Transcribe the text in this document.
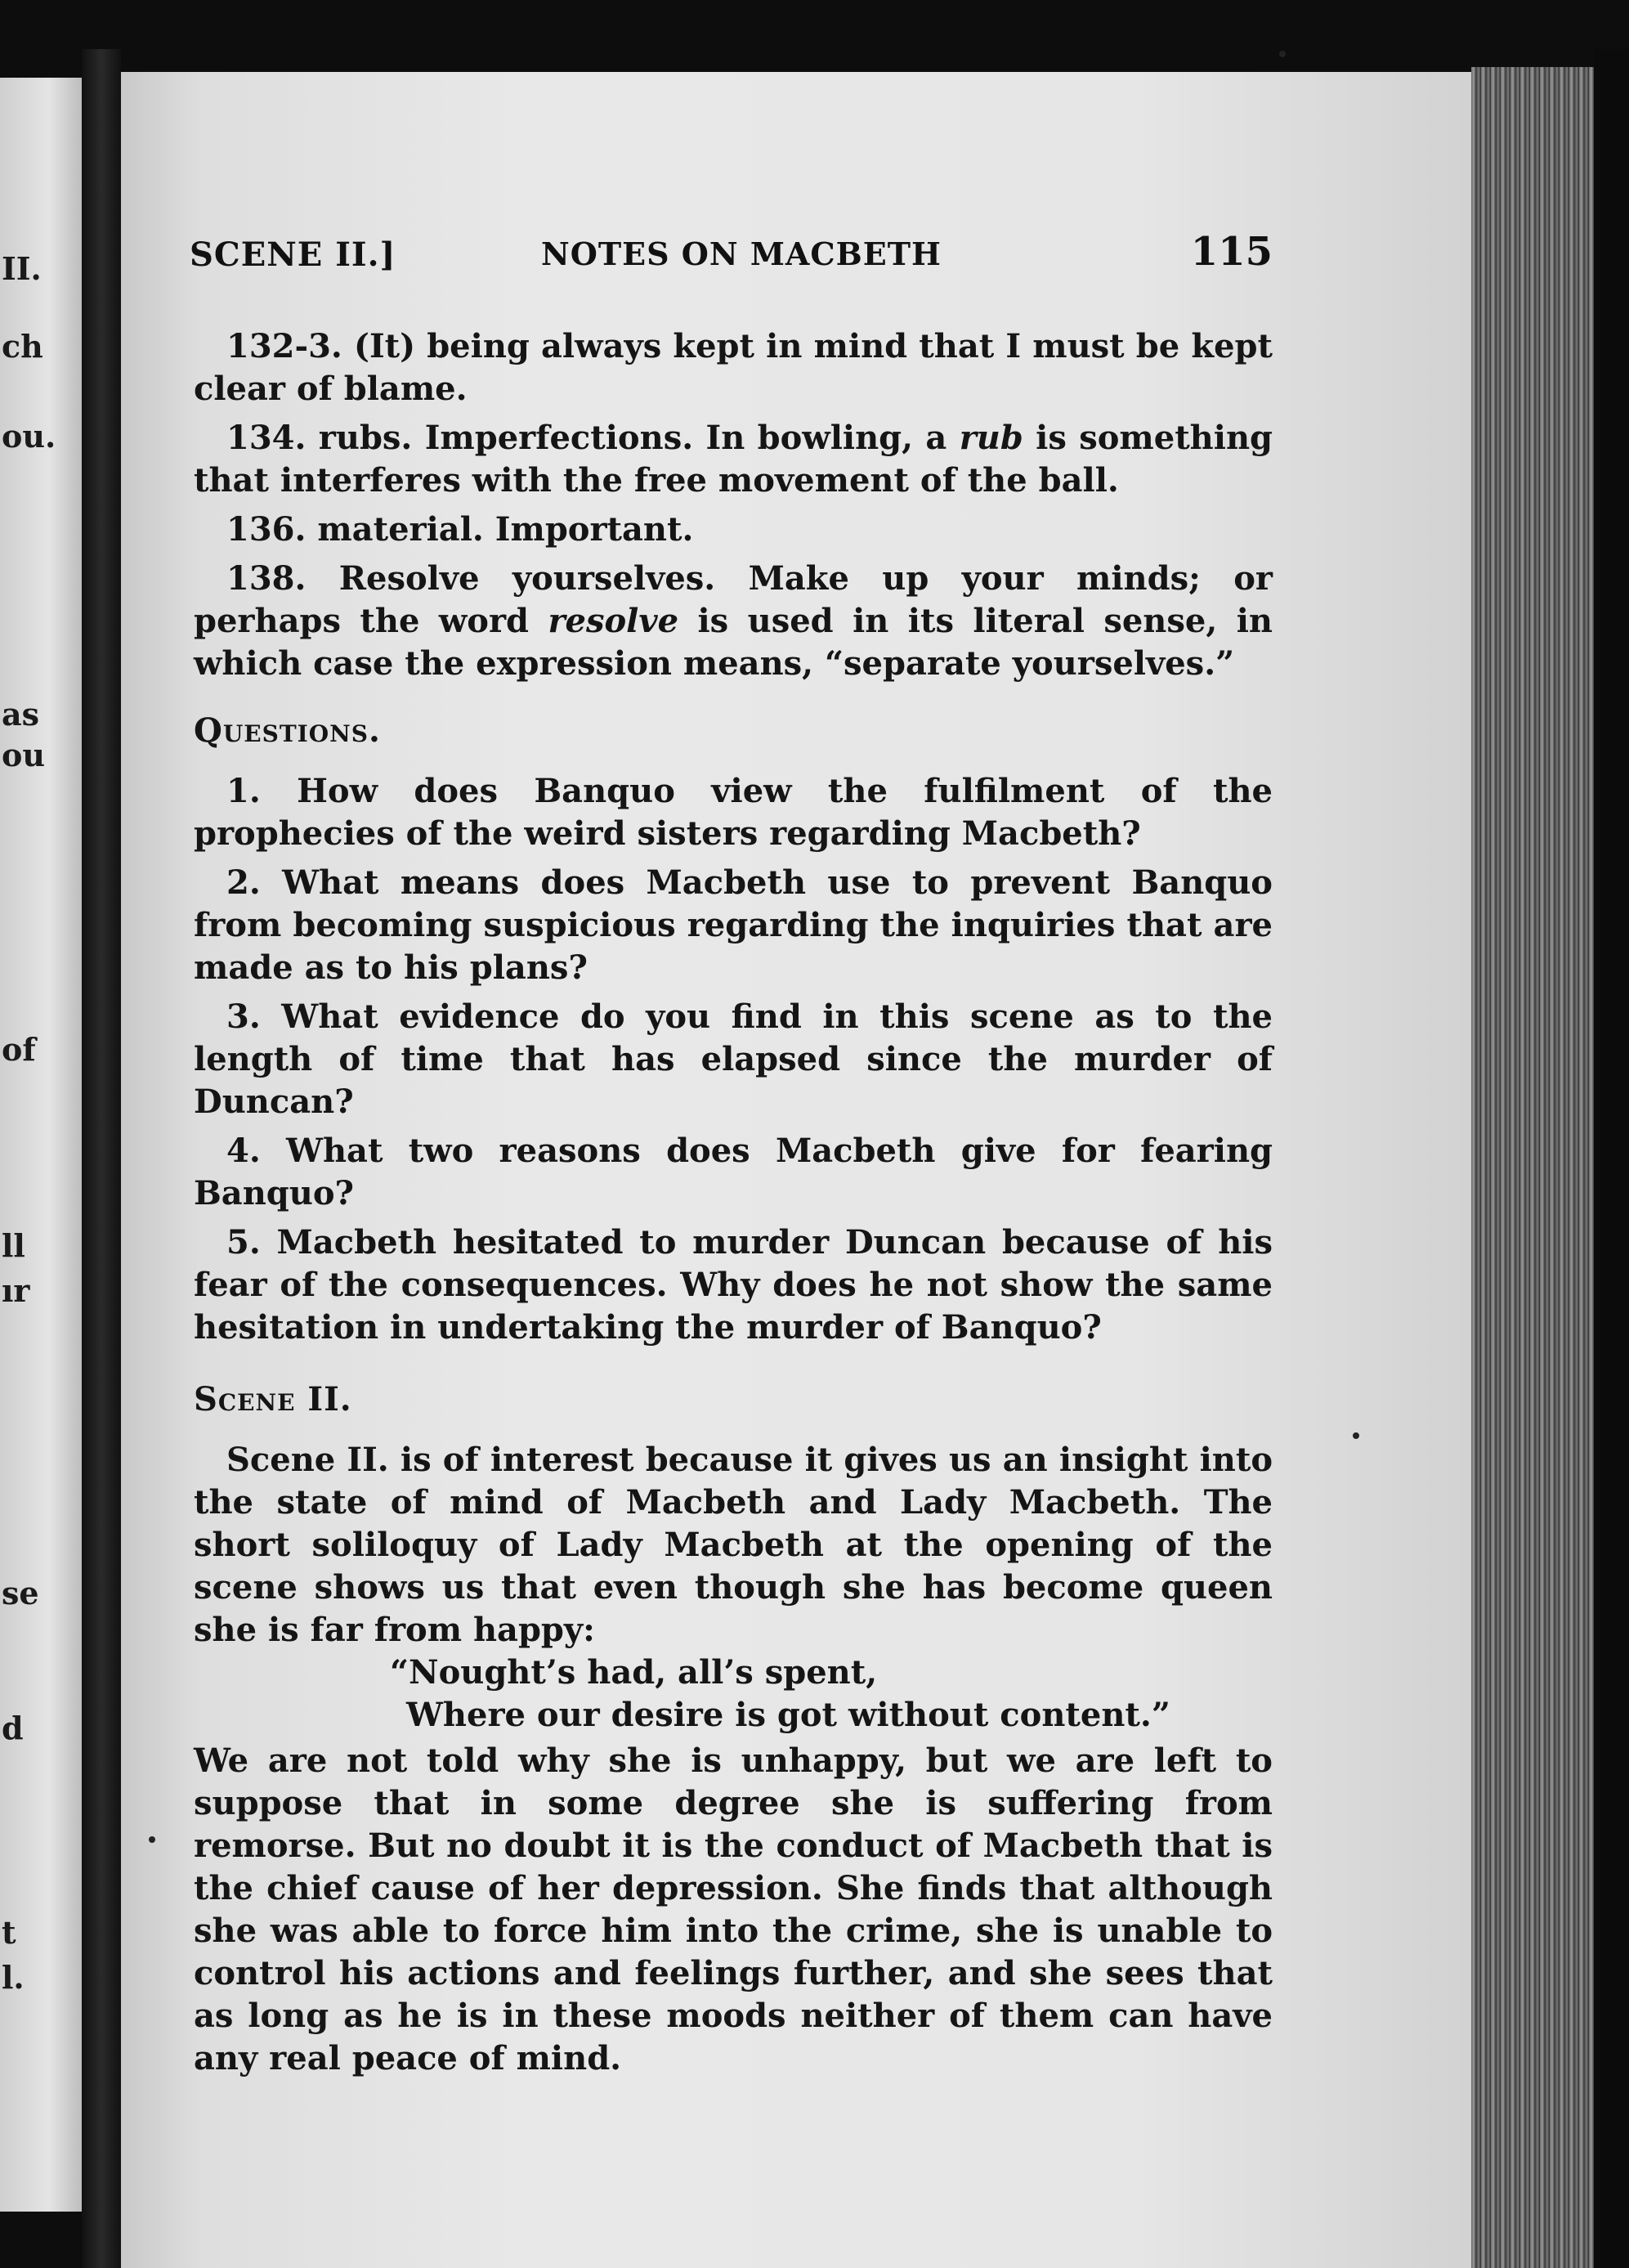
II.
ch
ou.
as
ou
of
ll
ır
se
d
t
l.
SCENE II.]	NOTES ON MACBETH	115

132-3. (It) being always kept in mind that I must be kept clear of blame.

134. rubs. Imperfections. In bowling, a rub is something that interferes with the free movement of the ball.

136. material. Important.

138. Resolve yourselves. Make up your minds; or perhaps the word resolve is used in its literal sense, in which case the expression means, “separate yourselves.”

Questions.

1. How does Banquo view the fulfilment of the prophecies of the weird sisters regarding Macbeth?

2. What means does Macbeth use to prevent Banquo from becoming suspicious regarding the inquiries that are made as to his plans?

3. What evidence do you find in this scene as to the length of time that has elapsed since the murder of Duncan?

4. What two reasons does Macbeth give for fearing Banquo?

5. Macbeth hesitated to murder Duncan because of his fear of the consequences. Why does he not show the same hesitation in undertaking the murder of Banquo?

Scene II.

Scene II. is of interest because it gives us an insight into the state of mind of Macbeth and Lady Macbeth. The short soliloquy of Lady Macbeth at the opening of the scene shows us that even though she has become queen she is far from happy:

“Nought’s had, all’s spent,
Where our desire is got without content.”

We are not told why she is unhappy, but we are left to suppose that in some degree she is suffering from remorse. But no doubt it is the conduct of Macbeth that is the chief cause of her depression. She finds that although she was able to force him into the crime, she is unable to control his actions and feelings further, and she sees that as long as he is in these moods neither of them can have any real peace of mind.
